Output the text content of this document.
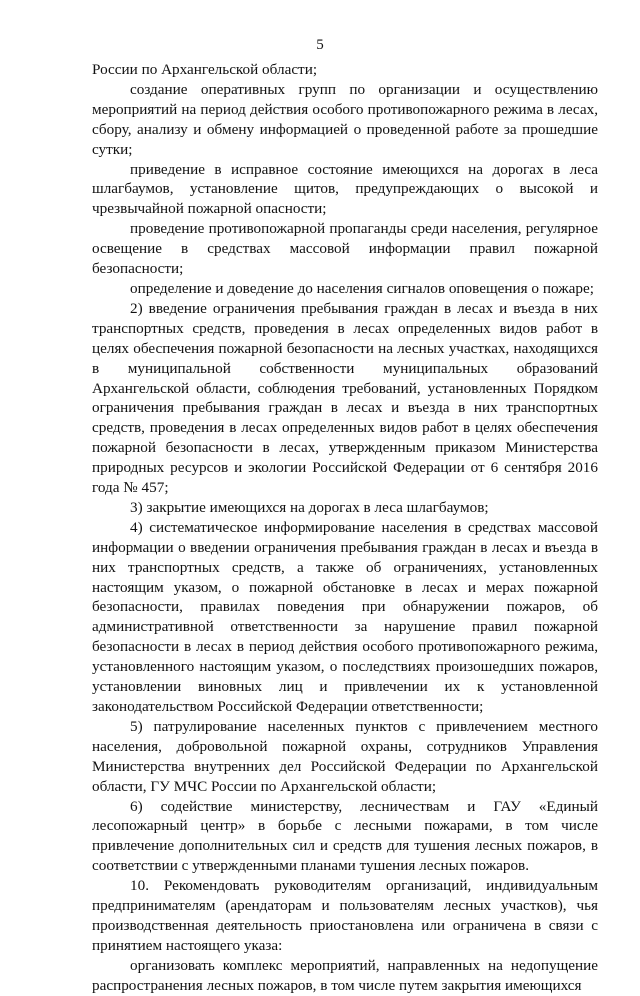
5

России по Архангельской области;

создание оперативных групп по организации и осуществлению мероприятий на период действия особого противопожарного режима в лесах, сбору, анализу и обмену информацией о проведенной работе за прошедшие сутки;

приведение в исправное состояние имеющихся на дорогах в леса шлагбаумов, установление щитов, предупреждающих о высокой и чрезвычайной пожарной опасности;

проведение противопожарной пропаганды среди населения, регулярное освещение в средствах массовой информации правил пожарной безопасности;

определение и доведение до населения сигналов оповещения о пожаре;

2) введение ограничения пребывания граждан в лесах и въезда в них транспортных средств, проведения в лесах определенных видов работ в целях обеспечения пожарной безопасности на лесных участках, находящихся в муниципальной собственности муниципальных образований Архангельской области, соблюдения требований, установленных Порядком ограничения пребывания граждан в лесах и въезда в них транспортных средств, проведения в лесах определенных видов работ в целях обеспечения пожарной безопасности в лесах, утвержденным приказом Министерства природных ресурсов и экологии Российской Федерации от 6 сентября 2016 года № 457;

3) закрытие имеющихся на дорогах в леса шлагбаумов;

4) систематическое информирование населения в средствах массовой информации о введении ограничения пребывания граждан в лесах и въезда в них транспортных средств, а также об ограничениях, установленных настоящим указом, о пожарной обстановке в лесах и мерах пожарной безопасности, правилах поведения при обнаружении пожаров, об административной ответственности за нарушение правил пожарной безопасности в лесах в период действия особого противопожарного режима, установленного настоящим указом, о последствиях произошедших пожаров, установлении виновных лиц и привлечении их к установленной законодательством Российской Федерации ответственности;

5) патрулирование населенных пунктов с привлечением местного населения, добровольной пожарной охраны, сотрудников Управления Министерства внутренних дел Российской Федерации по Архангельской области, ГУ МЧС России по Архангельской области;

6) содействие министерству, лесничествам и ГАУ «Единый лесопожарный центр» в борьбе с лесными пожарами, в том числе привлечение дополнительных сил и средств для тушения лесных пожаров, в соответствии с утвержденными планами тушения лесных пожаров.

10. Рекомендовать руководителям организаций, индивидуальным предпринимателям (арендаторам и пользователям лесных участков), чья производственная деятельность приостановлена или ограничена в связи с принятием настоящего указа:

организовать комплекс мероприятий, направленных на недопущение распространения лесных пожаров, в том числе путем закрытия имеющихся
